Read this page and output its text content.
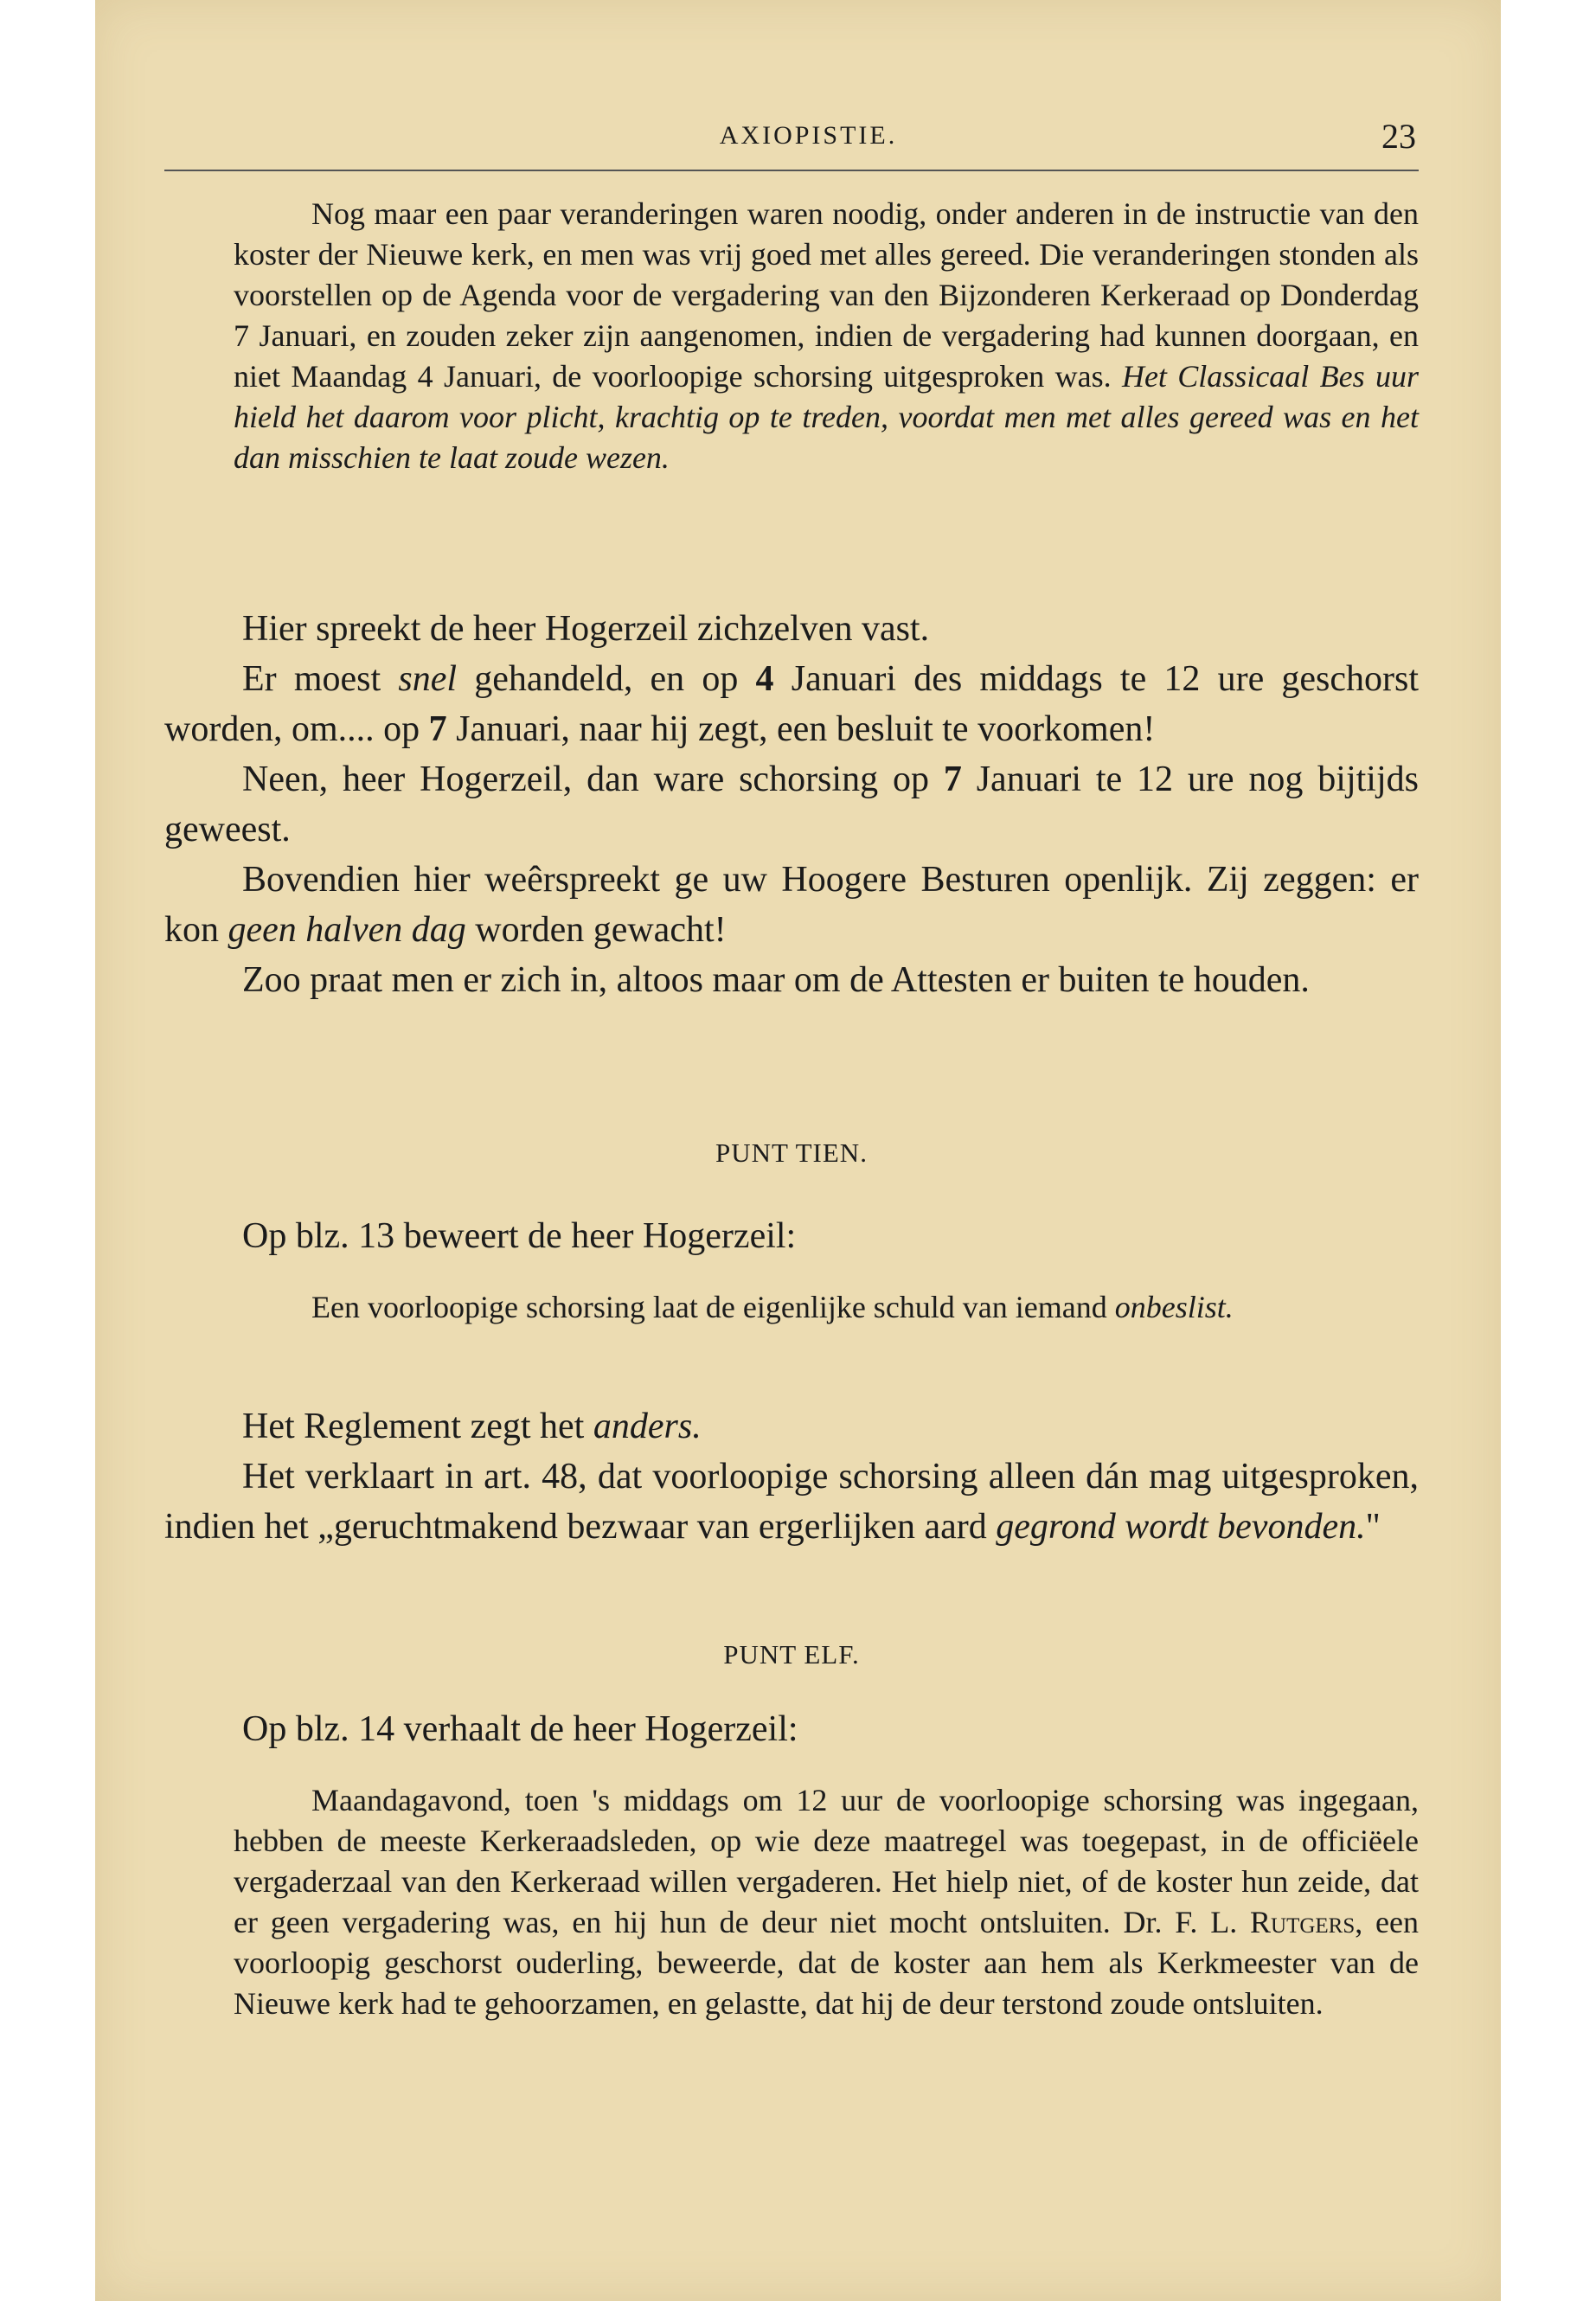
AXIOPISTIE.	23

Nog maar een paar veranderingen waren noodig, onder anderen in de instructie van den koster der Nieuwe kerk, en men was vrij goed met alles gereed. Die veranderingen stonden als voorstellen op de Agenda voor de vergadering van den Bijzonderen Kerkeraad op Donderdag 7 Januari, en zouden zeker zijn aangenomen, indien de vergadering had kunnen doorgaan, en niet Maandag 4 Januari, de voorloopige schorsing uitgesproken was. Het Classicaal Bes uur hield het daarom voor plicht, krachtig op te treden, voordat men met alles gereed was en het dan misschien te laat zoude wezen.

Hier spreekt de heer Hogerzeil zichzelven vast.

Er moest snel gehandeld, en op 4 Januari des middags te 12 ure geschorst worden, om.... op 7 Januari, naar hij zegt, een besluit te voorkomen!

Neen, heer Hogerzeil, dan ware schorsing op 7 Januari te 12 ure nog bijtijds geweest.

Bovendien hier weêrspreekt ge uw Hoogere Besturen openlijk. Zij zeggen: er kon geen halven dag worden gewacht!

Zoo praat men er zich in, altoos maar om de Attesten er buiten te houden.

PUNT TIEN.

Op blz. 13 beweert de heer Hogerzeil:

Een voorloopige schorsing laat de eigenlijke schuld van iemand onbeslist.

Het Reglement zegt het anders.

Het verklaart in art. 48, dat voorloopige schorsing alleen dán mag uitgesproken, indien het „geruchtmakend bezwaar van ergerlijken aard gegrond wordt bevonden."

PUNT ELF.

Op blz. 14 verhaalt de heer Hogerzeil:

Maandagavond, toen 's middags om 12 uur de voorloopige schorsing was ingegaan, hebben de meeste Kerkeraadsleden, op wie deze maatregel was toegepast, in de officiëele vergaderzaal van den Kerkeraad willen vergaderen. Het hielp niet, of de koster hun zeide, dat er geen vergadering was, en hij hun de deur niet mocht ontsluiten. Dr. F. L. Rutgers, een voorloopig geschorst ouderling, beweerde, dat de koster aan hem als Kerkmeester van de Nieuwe kerk had te gehoorzamen, en gelastte, dat hij de deur terstond zoude ontsluiten.
